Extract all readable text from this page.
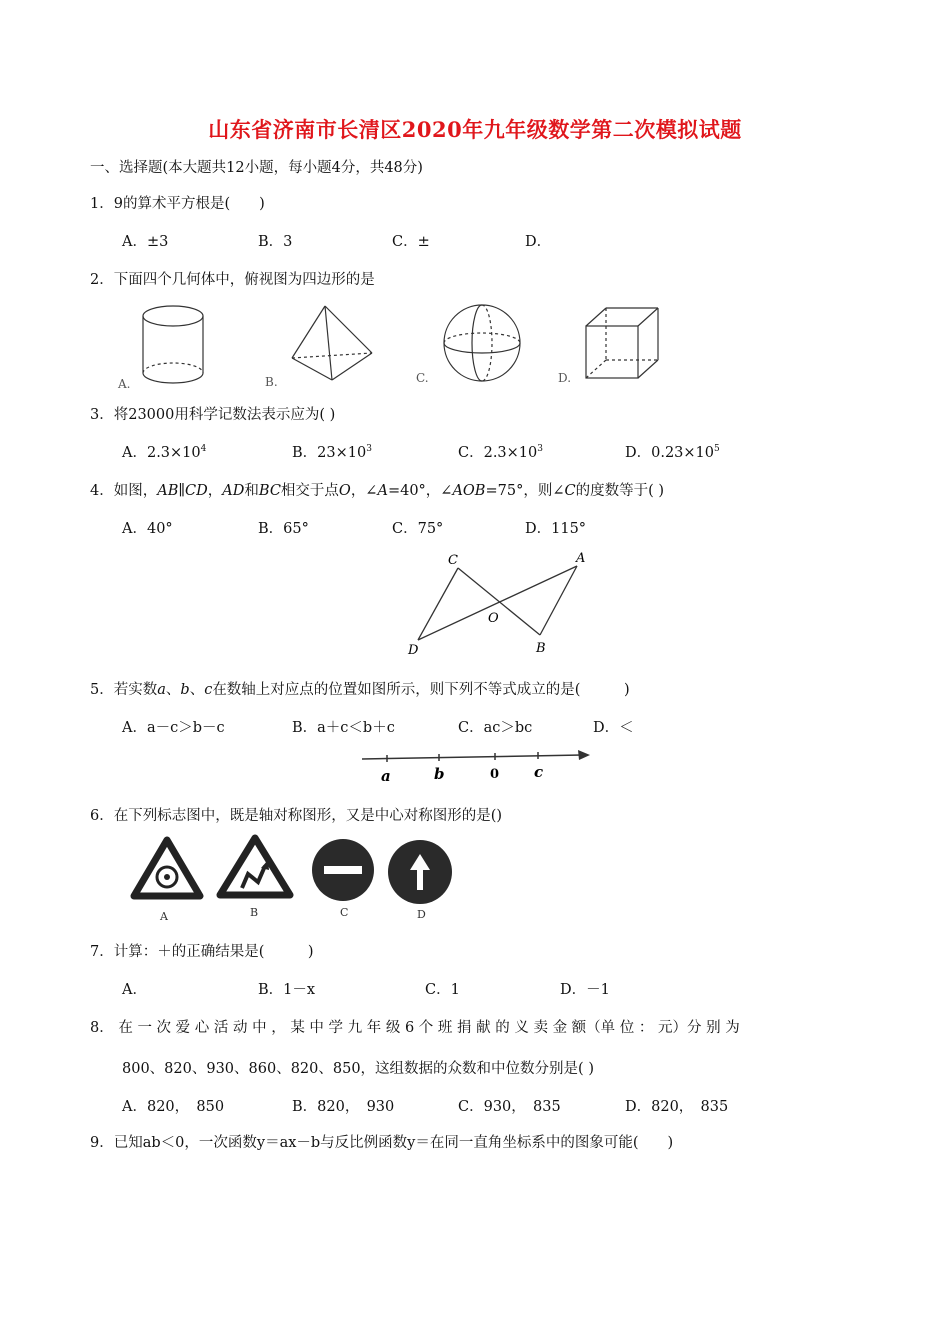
山东省济南市长清区2020年九年级数学第二次模拟试题
一、选择题(本大题共12小题，每小题4分，共48分)
1．9的算术平方根是(　　)
A．±3	B．3	C．±	D．
2．下面四个几何体中，俯视图为四边形的是
A.	B.	C.	D.
3．将23000用科学记数法表示应为( )
A．$2.3\times 10^4$	B．$23\times 10^3$	C．$2.3\times 10^3$	D．$0.23\times 10^5$
4．如图，AB∥CD，AD和BC相交于点O，∠A=40°，∠AOB=75°，则∠C的度数等于( )
A．40°	B．65°	C．75°	D．115°
C	A
O
D	B
5．若实数a、b、c在数轴上对应点的位置如图所示，则下列不等式成立的是(　　　)
A．a－c＞b－c	B．a＋c＜b＋c	C．ac＞bc	D．＜
a	b	0 c
6．在下列标志图中，既是轴对称图形，又是中心对称图形的是()
A	B	C	D
7．计算：＋的正确结果是(　　　)
A．	B．1－x	C．1	D．－1
8． 在 一 次 爱 心 活 动 中 ， 某 中 学 九 年 级 6 个 班 捐 献 的 义 卖 金 额（单 位 ： 元）分 别 为
800、820、930、860、820、850，这组数据的众数和中位数分别是( )
A．820，　850	B．820，　930	C．930，　835	D．820，　835
9．已知ab＜0，一次函数y＝ax－b与反比例函数y＝在同一直角坐标系中的图象可能(　　)
